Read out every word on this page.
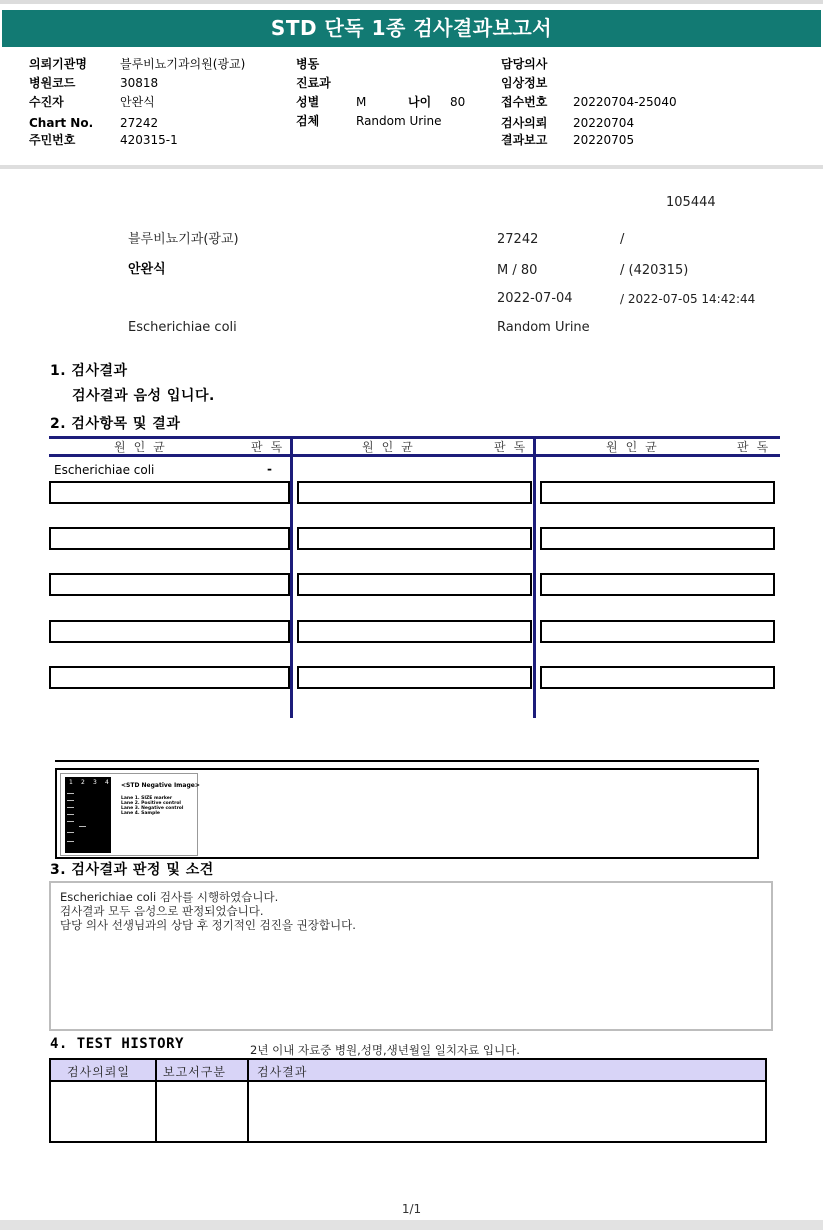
STD 단독 1종 검사결과보고서
의뢰기관명	블루비뇨기과의원(광교)
병원코드	30818
수진자	안완식
Chart No. 27242
주민번호	420315-1
병동
진료과
성별	M	나이 80
검체	Random Urine
담당의사
임상정보
접수번호 20220704-25040
검사의뢰 20220704
결과보고 20220705
105444
블루비뇨기과(광교)	27242	/
안완식	M / 80	/ (420315)
2022-07-04	/ 2022-07-05 14:42:44
Escherichiae coli	Random Urine
1. 검사결과
검사결과 음성 입니다.
2. 검사항목 및 결과
원인균	판독	원인균	판독	원인균	판독
Escherichiae coli	-
1 2 3 4 <STD Negative Image>
Lane 1. SIZE marker
Lane 2. Positive control
Lane 3. Negative control
Lane 4. Sample
3. 검사결과 판정 및 소견
Escherichiae coli 검사를 시행하였습니다.
검사결과 모두 음성으로 판정되었습니다.
담당 의사 선생님과의 상담 후 정기적인 검진을 권장합니다.
4. TEST HISTORY	2년 이내 자료중 병원,성명,생년월일 일치자료 입니다.
검사의뢰일	보고서구분	검사결과
1/1
